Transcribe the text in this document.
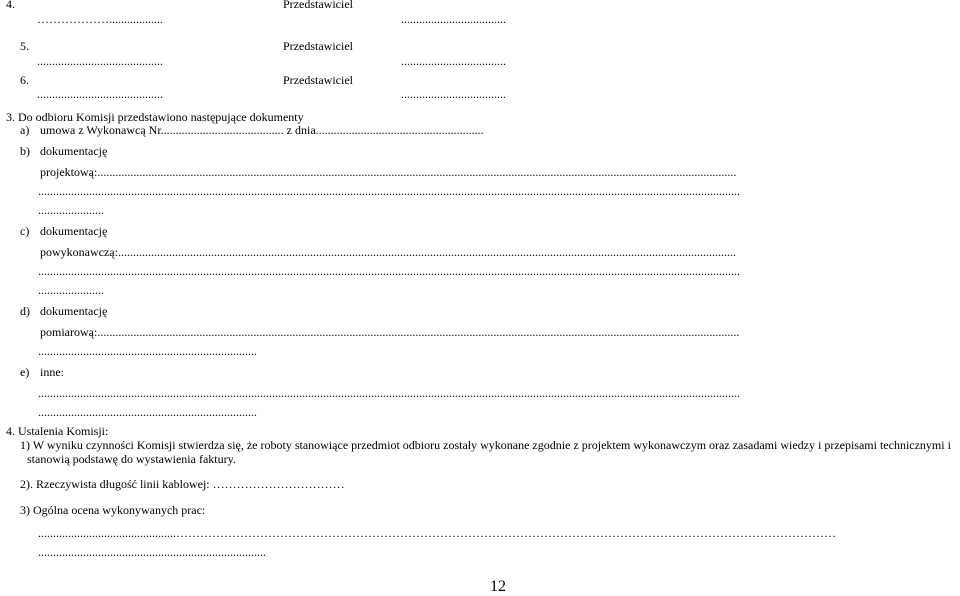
4.	Przedstawiciel
………………..................	...................................
5.	Przedstawiciel
..........................................	...................................
6.	Przedstawiciel
..........................................	...................................
3. Do odbioru Komisji przedstawiono następujące dokumenty
a) umowa z Wykonawcą Nr......................................... z dnia........................................................
b) dokumentację
projektową:.....................................................................................................................................................................................................................
..........................................................................................................................................................................................................................................
......................
c) dokumentację
powykonawczą:..............................................................................................................................................................................................................
..........................................................................................................................................................................................................................................
......................
d) dokumentację
pomiarową:......................................................................................................................................................................................................................
.........................................................................
e) inne:
..........................................................................................................................................................................................................................................
.........................................................................
4. Ustalenia Komisji:
1) W wyniku czynności Komisji stwierdza się, że roboty stanowiące przedmiot odbioru zostały wykonane zgodnie z projektem wykonawczym oraz zasadami wiedzy i przepisami technicznymi i
stanowią podstawę do wystawienia faktury.
2). Rzeczywista długość linii kablowej: ……………………………
3) Ogólna ocena wykonywanych prac:
..............................................…………………………………………………………………………………………………………………………………………………
............................................................................
12
